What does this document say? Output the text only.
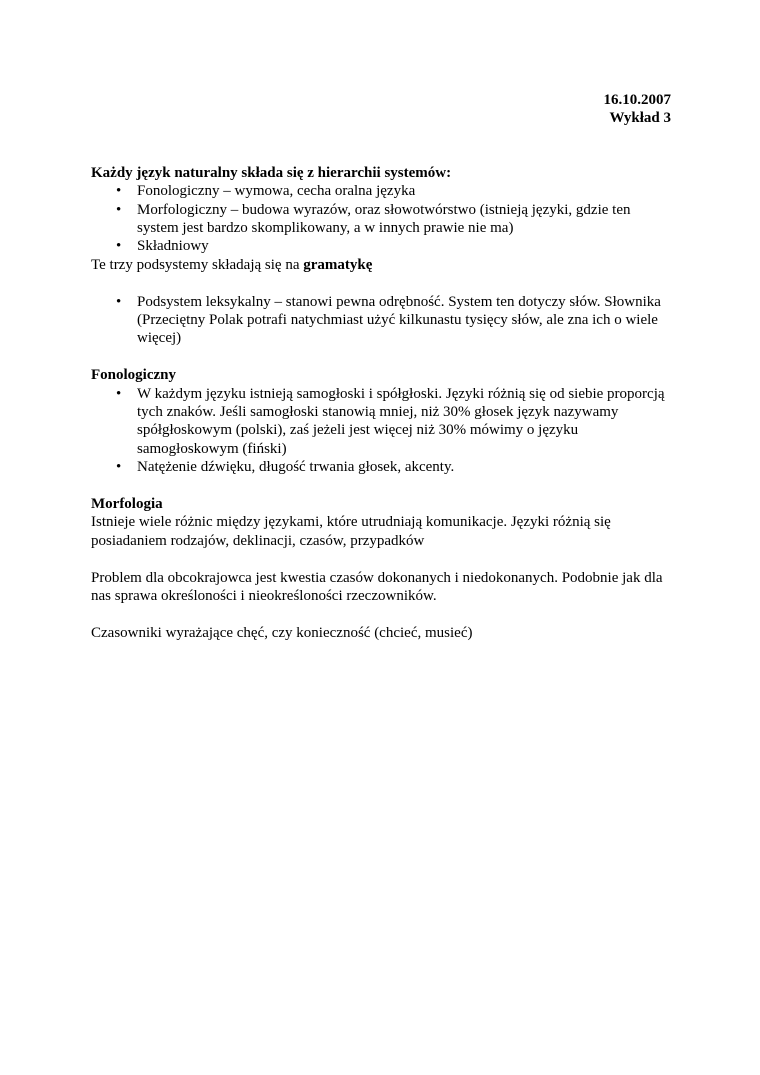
16.10.2007

Wykład 3

Każdy język naturalny składa się z hierarchii systemów:

• Fonologiczny – wymowa, cecha oralna języka
• Morfologiczny – budowa wyrazów, oraz słowotwórstwo (istnieją języki, gdzie ten system jest bardzo skomplikowany, a w innych prawie nie ma)
• Składniowy

Te trzy podsystemy składają się na gramatykę

• Podsystem leksykalny – stanowi pewna odrębność. System ten dotyczy słów. Słownika (Przeciętny Polak potrafi natychmiast użyć kilkunastu tysięcy słów, ale zna ich o wiele więcej)

Fonologiczny

• W każdym języku istnieją samogłoski i spółgłoski. Języki różnią się od siebie proporcją tych znaków. Jeśli samogłoski stanowią mniej, niż 30% głosek język nazywamy spółgłoskowym (polski), zaś jeżeli jest więcej niż 30% mówimy o języku samogłoskowym (fiński)
• Natężenie dźwięku, długość trwania głosek, akcenty.

Morfologia

Istnieje wiele różnic między językami, które utrudniają komunikacje. Języki różnią się posiadaniem rodzajów, deklinacji, czasów, przypadków

Problem dla obcokrajowca jest kwestia czasów dokonanych i niedokonanych. Podobnie jak dla nas sprawa określoności i nieokreśloności rzeczowników.

Czasowniki wyrażające chęć, czy konieczność (chcieć, musieć)
